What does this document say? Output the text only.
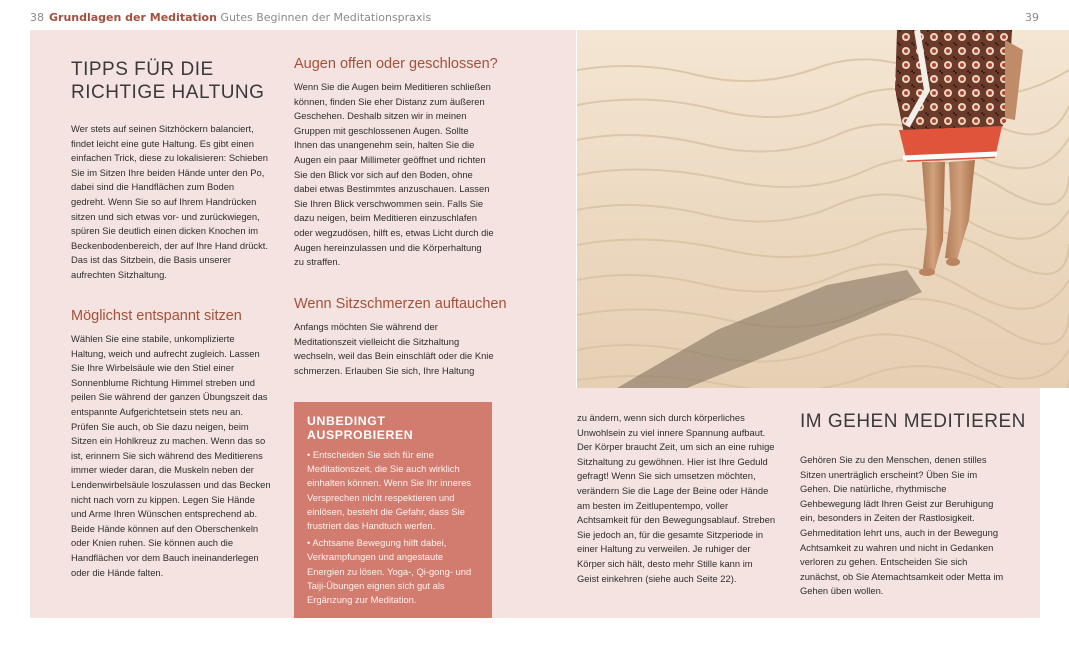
38 Grundlagen der Meditation Gutes Beginnen der Meditationspraxis	39
TIPPS FÜR DIE
RICHTIGE HALTUNG

Wer stets auf seinen Sitzhöckern balanciert, findet leicht eine gute Haltung. Es gibt einen einfachen Trick, diese zu lokalisieren: Schieben Sie im Sitzen Ihre beiden Hände unter den Po, dabei sind die Handflächen zum Boden gedreht. Wenn Sie so auf Ihrem Handrücken sitzen und sich etwas vor- und zurückwiegen, spüren Sie deutlich einen dicken Knochen im Beckenbodenbereich, der auf Ihre Hand drückt. Das ist das Sitzbein, die Basis unserer aufrechten Sitzhaltung.

Möglichst entspannt sitzen

Wählen Sie eine stabile, unkomplizierte Haltung, weich und aufrecht zugleich. Lassen Sie Ihre Wirbelsäule wie den Stiel einer Sonnenblume Richtung Himmel streben und peilen Sie während der ganzen Übungszeit das entspannte Aufgerichtetsein stets neu an. Prüfen Sie auch, ob Sie dazu neigen, beim Sitzen ein Hohlkreuz zu machen. Wenn das so ist, erinnern Sie sich während des Meditierens immer wieder daran, die Muskeln neben der Lendenwirbelsäule loszulassen und das Becken nicht nach vorn zu kippen. Legen Sie Hände und Arme Ihren Wünschen entsprechend ab. Beide Hände können auf den Oberschenkeln oder Knien ruhen. Sie können auch die Handflächen vor dem Bauch ineinanderlegen oder die Hände falten.

Augen offen oder geschlossen?

Wenn Sie die Augen beim Meditieren schließen können, finden Sie eher Distanz zum äußeren Geschehen. Deshalb sitzen wir in meinen Gruppen mit geschlossenen Augen. Sollte Ihnen das unangenehm sein, halten Sie die Augen ein paar Millimeter geöffnet und richten Sie den Blick vor sich auf den Boden, ohne dabei etwas Bestimmtes anzuschauen. Lassen Sie Ihren Blick verschwommen sein. Falls Sie dazu neigen, beim Meditieren einzuschlafen oder wegzudösen, hilft es, etwas Licht durch die Augen hereinzulassen und die Körperhaltung zu straffen.

Wenn Sitzschmerzen auftauchen

Anfangs möchten Sie während der Meditationszeit vielleicht die Sitzhaltung wechseln, weil das Bein einschläft oder die Knie schmerzen. Erlauben Sie sich, Ihre Haltung

UNBEDINGT AUSPROBIEREN

• Entscheiden Sie sich für eine Meditationszeit, die Sie auch wirklich einhalten können. Wenn Sie Ihr inneres Versprechen nicht respektieren und einlösen, besteht die Gefahr, dass Sie frustriert das Handtuch werfen.

• Achtsame Bewegung hilft dabei, Verkrampfungen und angestaute Energien zu lösen. Yoga-, Qi-gong- und Taiji-Übungen eignen sich gut als Ergänzung zur Meditation.

zu ändern, wenn sich durch körperliches Unwohlsein zu viel innere Spannung aufbaut. Der Körper braucht Zeit, um sich an eine ruhige Sitzhaltung zu gewöhnen. Hier ist Ihre Geduld gefragt! Wenn Sie sich umsetzen möchten, verändern Sie die Lage der Beine oder Hände am besten im Zeitlupentempo, voller Achtsamkeit für den Bewegungsablauf. Streben Sie jedoch an, für die gesamte Sitzperiode in einer Haltung zu verweilen. Je ruhiger der Körper sich hält, desto mehr Stille kann im Geist einkehren (siehe auch Seite 22).

IM GEHEN MEDITIEREN

Gehören Sie zu den Menschen, denen stilles Sitzen unerträglich erscheint? Üben Sie im Gehen. Die natürliche, rhythmische Gehbewegung lädt Ihren Geist zur Beruhigung ein, besonders in Zeiten der Rastlosigkeit. Gehmeditation lehrt uns, auch in der Bewegung Achtsamkeit zu wahren und nicht in Gedanken verloren zu gehen. Entscheiden Sie sich zunächst, ob Sie Atemachtsamkeit oder Metta im Gehen üben wollen.
